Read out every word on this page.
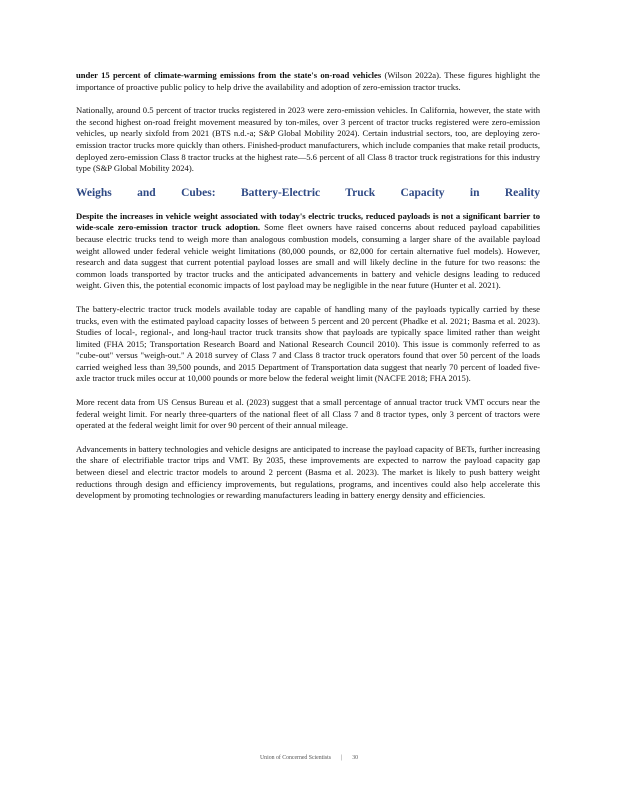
under 15 percent of climate-warming emissions from the state's on-road vehicles (Wilson 2022a). These figures highlight the importance of proactive public policy to help drive the availability and adoption of zero-emission tractor trucks.

Nationally, around 0.5 percent of tractor trucks registered in 2023 were zero-emission vehicles. In California, however, the state with the second highest on-road freight movement measured by ton-miles, over 3 percent of tractor trucks registered were zero-emission vehicles, up nearly sixfold from 2021 (BTS n.d.-a; S&P Global Mobility 2024). Certain industrial sectors, too, are deploying zero-emission tractor trucks more quickly than others. Finished-product manufacturers, which include companies that make retail products, deployed zero-emission Class 8 tractor trucks at the highest rate—5.6 percent of all Class 8 tractor truck registrations for this industry type (S&P Global Mobility 2024).

Weighs and Cubes: Battery-Electric Truck Capacity in Reality

Despite the increases in vehicle weight associated with today's electric trucks, reduced payloads is not a significant barrier to wide-scale zero-emission tractor truck adoption. Some fleet owners have raised concerns about reduced payload capabilities because electric trucks tend to weigh more than analogous combustion models, consuming a larger share of the available payload weight allowed under federal vehicle weight limitations (80,000 pounds, or 82,000 for certain alternative fuel models). However, research and data suggest that current potential payload losses are small and will likely decline in the future for two reasons: the common loads transported by tractor trucks and the anticipated advancements in battery and vehicle designs leading to reduced weight. Given this, the potential economic impacts of lost payload may be negligible in the near future (Hunter et al. 2021).

The battery-electric tractor truck models available today are capable of handling many of the payloads typically carried by these trucks, even with the estimated payload capacity losses of between 5 percent and 20 percent (Phadke et al. 2021; Basma et al. 2023). Studies of local-, regional-, and long-haul tractor truck transits show that payloads are typically space limited rather than weight limited (FHA 2015; Transportation Research Board and National Research Council 2010). This issue is commonly referred to as "cube-out" versus "weigh-out." A 2018 survey of Class 7 and Class 8 tractor truck operators found that over 50 percent of the loads carried weighed less than 39,500 pounds, and 2015 Department of Transportation data suggest that nearly 70 percent of loaded five-axle tractor truck miles occur at 10,000 pounds or more below the federal weight limit (NACFE 2018; FHA 2015).

More recent data from US Census Bureau et al. (2023) suggest that a small percentage of annual tractor truck VMT occurs near the federal weight limit. For nearly three-quarters of the national fleet of all Class 7 and 8 tractor types, only 3 percent of tractors were operated at the federal weight limit for over 90 percent of their annual mileage.

Advancements in battery technologies and vehicle designs are anticipated to increase the payload capacity of BETs, further increasing the share of electrifiable tractor trips and VMT. By 2035, these improvements are expected to narrow the payload capacity gap between diesel and electric tractor models to around 2 percent (Basma et al. 2023). The market is likely to push battery weight reductions through design and efficiency improvements, but regulations, programs, and incentives could also help accelerate this development by promoting technologies or rewarding manufacturers leading in battery energy density and efficiencies.

Union of Concerned Scientists | 30
